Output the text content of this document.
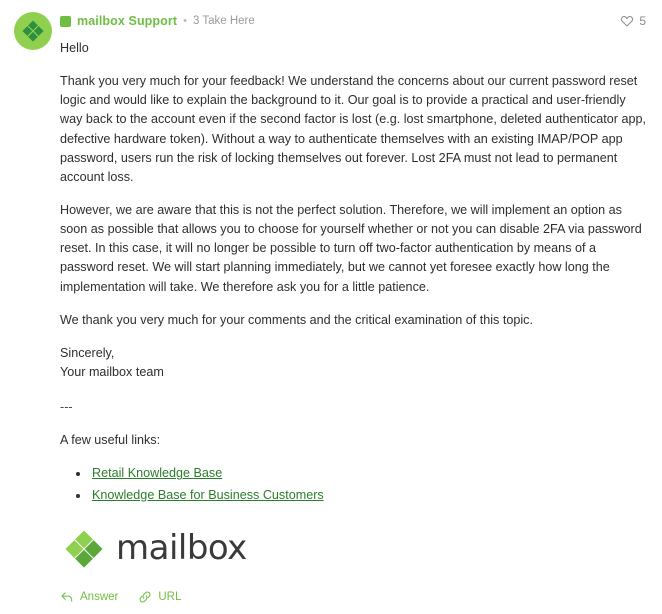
mailbox Support • 3 Take Here	5

Hello

Thank you very much for your feedback! We understand the concerns about our current password reset logic and would like to explain the background to it. Our goal is to provide a practical and user-friendly way back to the account even if the second factor is lost (e.g. lost smartphone, deleted authenticator app, defective hardware token). Without a way to authenticate themselves with an existing IMAP/POP app password, users run the risk of locking themselves out forever. Lost 2FA must not lead to permanent account loss.

However, we are aware that this is not the perfect solution. Therefore, we will implement an option as soon as possible that allows you to choose for yourself whether or not you can disable 2FA via password reset. In this case, it will no longer be possible to turn off two-factor authentication by means of a password reset. We will start planning immediately, but we cannot yet foresee exactly how long the implementation will take. We therefore ask you for a little patience.

We thank you very much for your comments and the critical examination of this topic.

Sincerely,
Your mailbox team

---

A few useful links:

• Retail Knowledge Base
• Knowledge Base for Business Customers
mailbox
Answer	URL
